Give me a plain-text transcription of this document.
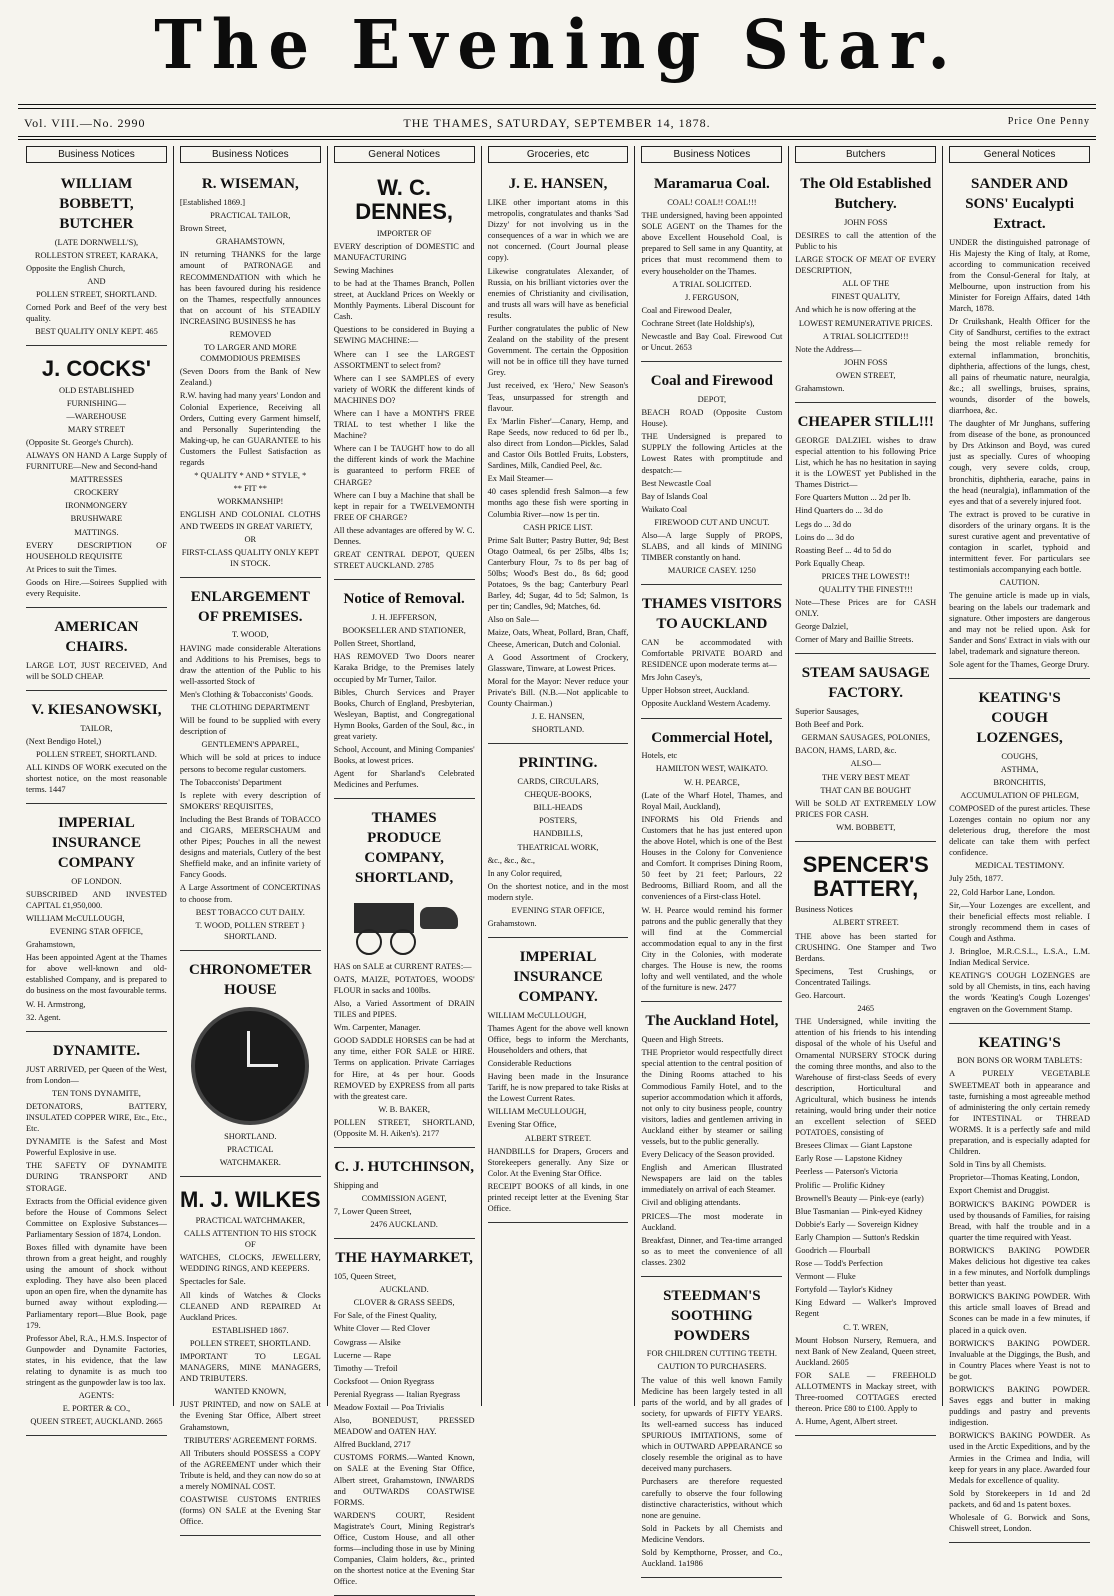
The Evening Star.
Vol. VIII.—No. 2990	THE THAMES, SATURDAY, SEPTEMBER 14, 1878.	Price One Penny
Business Notices
WILLIAM BOBBETT, BUTCHER

(LATE DORNWELL'S),

ROLLESTON STREET, KARAKA,

Opposite the English Church,

AND

POLLEN STREET, SHORTLAND.

Corned Pork and Beef of the very best quality.

BEST QUALITY ONLY KEPT. 465

J. COCKS'

OLD ESTABLISHED

FURNISHING—

—WAREHOUSE

MARY STREET

(Opposite St. George's Church).

ALWAYS ON HAND A Large Supply of FURNITURE—New and Second-hand

MATTRESSES

CROCKERY

IRONMONGERY

BRUSHWARE

MATTINGS.

EVERY DESCRIPTION OF HOUSEHOLD REQUISITE

At Prices to suit the Times.

Goods on Hire.—Soirees Supplied with every Requisite.

AMERICAN CHAIRS.

LARGE LOT, JUST RECEIVED, And will be SOLD CHEAP.

V. KIESANOWSKI,

TAILOR,

(Next Bendigo Hotel,)

POLLEN STREET, SHORTLAND.

ALL KINDS OF WORK executed on the shortest notice, on the most reasonable terms. 1447

IMPERIAL INSURANCE COMPANY

OF LONDON.

SUBSCRIBED AND INVESTED CAPITAL £1,950,000.

WILLIAM McCULLOUGH,

EVENING STAR OFFICE,

Grahamstown,

Has been appointed Agent at the Thames for above well-known and old-established Company, and is prepared to do business on the most favourable terms.

W. H. Armstrong,

32. Agent.

DYNAMITE.

JUST ARRIVED, per Queen of the West, from London—

TEN TONS DYNAMITE,

DETONATORS, BATTERY, INSULATED COPPER WIRE, Etc., Etc., Etc.

DYNAMITE is the Safest and Most Powerful Explosive in use.

THE SAFETY OF DYNAMITE DURING TRANSPORT AND STORAGE.

Extracts from the Official evidence given before the House of Commons Select Committee on Explosive Substances—Parliamentary Session of 1874, London.

Boxes filled with dynamite have been thrown from a great height, and roughly using the amount of shock without exploding. They have also been placed upon an open fire, when the dynamite has burned away without exploding.—Parliamentary report—Blue Book, page 179.

Professor Abel, R.A., H.M.S. Inspector of Gunpowder and Dynamite Factories, states, in his evidence, that the law relating to dynamite is as much too stringent as the gunpowder law is too lax.

AGENTS:

E. PORTER & CO.,

QUEEN STREET, AUCKLAND. 2665

Business Notices
R. WISEMAN,

[Established 1869.]

PRACTICAL TAILOR,

Brown Street,

GRAHAMSTOWN,

IN returning THANKS for the large amount of PATRONAGE and RECOMMENDATION with which he has been favoured during his residence on the Thames, respectfully announces that on account of his STEADILY INCREASING BUSINESS he has

REMOVED

TO LARGER AND MORE COMMODIOUS PREMISES

(Seven Doors from the Bank of New Zealand.)

R.W. having had many years' London and Colonial Experience, Receiving all Orders, Cutting every Garment himself, and Personally Superintending the Making-up, he can GUARANTEE to his Customers the Fullest Satisfaction as regards

* QUALITY * AND * STYLE, *

** FIT **

WORKMANSHIP!

ENGLISH AND COLONIAL CLOTHS AND TWEEDS IN GREAT VARIETY,

OR

FIRST-CLASS QUALITY ONLY KEPT IN STOCK.

ENLARGEMENT OF PREMISES.

T. WOOD,

HAVING made considerable Alterations and Additions to his Premises, begs to draw the attention of the Public to his well-assorted Stock of

Men's Clothing & Tobacconists' Goods.

THE CLOTHING DEPARTMENT

Will be found to be supplied with every description of

GENTLEMEN'S APPAREL,

Which will be sold at prices to induce persons to become regular customers.

The Tobacconists' Department

Is replete with every description of SMOKERS' REQUISITES,

Including the Best Brands of TOBACCO and CIGARS, MEERSCHAUM and other Pipes; Pouches in all the newest designs and materials, Cutlery of the best Sheffield make, and an infinite variety of Fancy Goods.

A Large Assortment of CONCERTINAS to choose from.

BEST TOBACCO CUT DAILY.

T. WOOD, POLLEN STREET } SHORTLAND.

CHRONOMETER HOUSE

SHORTLAND.

PRACTICAL

WATCHMAKER.

M. J. WILKES

PRACTICAL WATCHMAKER,

CALLS ATTENTION TO HIS STOCK OF

WATCHES, CLOCKS, JEWELLERY, WEDDING RINGS, AND KEEPERS.

Spectacles for Sale.

All kinds of Watches & Clocks CLEANED AND REPAIRED At Auckland Prices.

ESTABLISHED 1867.

POLLEN STREET, SHORTLAND.

IMPORTANT TO LEGAL MANAGERS, MINE MANAGERS, AND TRIBUTERS.

WANTED KNOWN,

JUST PRINTED, and now on SALE at the Evening Star Office, Albert street Grahamstown,

TRIBUTERS' AGREEMENT FORMS.

All Tributers should POSSESS a COPY of the AGREEMENT under which their Tribute is held, and they can now do so at a merely NOMINAL COST.

COASTWISE CUSTOMS ENTRIES (forms) ON SALE at the Evening Star Office.

General Notices
W. C. DENNES,

IMPORTER OF

EVERY description of DOMESTIC and MANUFACTURING

Sewing Machines

to be had at the Thames Branch, Pollen street, at Auckland Prices on Weekly or Monthly Payments. Liberal Discount for Cash.

Questions to be considered in Buying a SEWING MACHINE:—

Where can I see the LARGEST ASSORTMENT to select from?

Where can I see SAMPLES of every variety of WORK the different kinds of MACHINES DO?

Where can I have a MONTH'S FREE TRIAL to test whether I like the Machine?

Where can I be TAUGHT how to do all the different kinds of work the Machine is guaranteed to perform FREE of CHARGE?

Where can I buy a Machine that shall be kept in repair for a TWELVEMONTH FREE OF CHARGE?

All these advantages are offered by W. C. Dennes.

GREAT CENTRAL DEPOT, QUEEN STREET AUCKLAND. 2785

Notice of Removal.

J. H. JEFFERSON,

BOOKSELLER AND STATIONER,

Pollen Street, Shortland,

HAS REMOVED Two Doors nearer Karaka Bridge, to the Premises lately occupied by Mr Turner, Tailor.

Bibles, Church Services and Prayer Books, Church of England, Presbyterian, Wesleyan, Baptist, and Congregational Hymn Books, Garden of the Soul, &c., in great variety.

School, Account, and Mining Companies' Books, at lowest prices.

Agent for Sharland's Celebrated Medicines and Perfumes.

THAMES PRODUCE COMPANY, SHORTLAND,

HAS on SALE at CURRENT RATES:—

OATS, MAIZE, POTATOES, WOODS' FLOUR in sacks and 100lbs.

Also, a Varied Assortment of DRAIN TILES and PIPES.

Wm. Carpenter, Manager.

GOOD SADDLE HORSES can be had at any time, either FOR SALE or HIRE. Terms on application. Private Carriages for Hire, at 4s per hour. Goods REMOVED by EXPRESS from all parts with the greatest care.

W. B. BAKER,

POLLEN STREET, SHORTLAND, (Opposite M. H. Aiken's). 2177

C. J. HUTCHINSON,

Shipping and

COMMISSION AGENT,

7, Lower Queen Street,

2476 AUCKLAND.

THE HAYMARKET,

105, Queen Street,

AUCKLAND.

CLOVER & GRASS SEEDS,

For Sale, of the Finest Quality,

White Clover — Red Clover

Cowgrass — Alsike

Lucerne — Rape

Timothy — Trefoil

Cocksfoot — Onion Ryegrass

Perenial Ryegrass — Italian Ryegrass

Meadow Foxtail — Poa Trivialis

Also, BONEDUST, PRESSED MEADOW and OATEN HAY.

Alfred Buckland, 2717

CUSTOMS FORMS.—Wanted Known, on SALE at the Evening Star Office, Albert street, Grahamstown, INWARDS and OUTWARDS COASTWISE FORMS.

WARDEN'S COURT, Resident Magistrate's Court, Mining Registrar's Office, Custom House, and all other forms—including those in use by Mining Companies, Claim holders, &c., printed on the shortest notice at the Evening Star Office.

Groceries, etc
J. E. HANSEN,

LIKE other important atoms in this metropolis, congratulates and thanks 'Sad Dizzy' for not involving us in the consequences of a war in which we are not concerned. (Court Journal please copy).

Likewise congratulates Alexander, of Russia, on his brilliant victories over the enemies of Christianity and civilisation, and trusts all wars will have as beneficial results.

Further congratulates the public of New Zealand on the stability of the present Government. The certain the Opposition will not be in office till they have turned Grey.

Just received, ex 'Hero,' New Season's Teas, unsurpassed for strength and flavour.

Ex 'Marlin Fisher'—Canary, Hemp, and Rape Seeds, now reduced to 6d per lb., also direct from London—Pickles, Salad and Castor Oils Bottled Fruits, Lobsters, Sardines, Milk, Candied Peel, &c.

Ex Mail Steamer—

40 cases splendid fresh Salmon—a few months ago these fish were sporting in Columbia River—now 1s per tin.

CASH PRICE LIST.

Prime Salt Butter; Pastry Butter, 9d; Best Otago Oatmeal, 6s per 25lbs, 4lbs 1s; Canterbury Flour, 7s to 8s per bag of 50lbs; Wood's Best do., 8s 6d; good Potatoes, 9s the bag; Canterbury Pearl Barley, 4d; Sugar, 4d to 5d; Salmon, 1s per tin; Candles, 9d; Matches, 6d.

Also on Sale—

Maize, Oats, Wheat, Pollard, Bran, Chaff, Cheese, American, Dutch and Colonial.

A Good Assortment of Crockery, Glassware, Tinware, at Lowest Prices.

Moral for the Mayor: Never reduce your Private's Bill. (N.B.—Not applicable to County Chairman.)

J. E. HANSEN,

SHORTLAND.

PRINTING.

CARDS, CIRCULARS,

CHEQUE-BOOKS,

BILL-HEADS

POSTERS,

HANDBILLS,

THEATRICAL WORK,

&c., &c., &c.,

In any Color required,

On the shortest notice, and in the most modern style.

EVENING STAR OFFICE,

Grahamstown.

IMPERIAL INSURANCE COMPANY.

WILLIAM McCULLOUGH,

Thames Agent for the above well known Office, begs to inform the Merchants, Householders and others, that

Considerable Reductions

Having been made in the Insurance Tariff, he is now prepared to take Risks at the Lowest Current Rates.

WILLIAM McCULLOUGH,

Evening Star Office,

ALBERT STREET.

HANDBILLS for Drapers, Grocers and Storekeepers generally. Any Size or Color. At the Evening Star Office.

RECEIPT BOOKS of all kinds, in one printed receipt letter at the Evening Star Office.

Business Notices
Maramarua Coal.

COAL! COAL!! COAL!!!

THE undersigned, having been appointed SOLE AGENT on the Thames for the above Excellent Household Coal, is prepared to Sell same in any Quantity, at prices that must recommend them to every householder on the Thames.

A TRIAL SOLICITED.

J. FERGUSON,

Coal and Firewood Dealer,

Cochrane Street (late Holdship's),

Newcastle and Bay Coal. Firewood Cut or Uncut. 2653

Coal and Firewood

DEPOT,

BEACH ROAD (Opposite Custom House).

THE Undersigned is prepared to SUPPLY the following Articles at the Lowest Rates with promptitude and despatch:—

Best Newcastle Coal

Bay of Islands Coal

Waikato Coal

FIREWOOD CUT AND UNCUT.

Also—A large Supply of PROPS, SLABS, and all kinds of MINING TIMBER constantly on hand.

MAURICE CASEY. 1250

THAMES VISITORS TO AUCKLAND

CAN be accommodated with Comfortable PRIVATE BOARD and RESIDENCE upon moderate terms at—

Mrs John Casey's,

Upper Hobson street, Auckland.

Opposite Auckland Western Academy.

Commercial Hotel,

Hotels, etc

HAMILTON WEST, WAIKATO.

W. H. PEARCE,

(Late of the Wharf Hotel, Thames, and Royal Mail, Auckland),

INFORMS his Old Friends and Customers that he has just entered upon the above Hotel, which is one of the Best Houses in the Colony for Convenience and Comfort. It comprises Dining Room, 50 feet by 21 feet; Parlours, 22 Bedrooms, Billiard Room, and all the conveniences of a First-class Hotel.

W. H. Pearce would remind his former patrons and the public generally that they will find at the Commercial accommodation equal to any in the first City in the Colonies, with moderate charges. The House is new, the rooms lofty and well ventilated, and the whole of the furniture is new. 2477

The Auckland Hotel,

Queen and High Streets.

THE Proprietor would respectfully direct special attention to the central position of the Dining Rooms attached to his Commodious Family Hotel, and to the superior accommodation which it affords, not only to city business people, country visitors, ladies and gentlemen arriving in Auckland either by steamer or sailing vessels, but to the public generally.

Every Delicacy of the Season provided.

English and American Illustrated Newspapers are laid on the tables immediately on arrival of each Steamer.

Civil and obliging attendants.

PRICES—The most moderate in Auckland.

Breakfast, Dinner, and Tea-time arranged so as to meet the convenience of all classes. 2302

STEEDMAN'S SOOTHING POWDERS

FOR CHILDREN CUTTING TEETH.

CAUTION TO PURCHASERS.

The value of this well known Family Medicine has been largely tested in all parts of the world, and by all grades of society, for upwards of FIFTY YEARS. Its well-earned success has induced SPURIOUS IMITATIONS, some of which in OUTWARD APPEARANCE so closely resemble the original as to have deceived many purchasers.

Purchasers are therefore requested carefully to observe the four following distinctive characteristics, without which none are genuine.

Sold in Packets by all Chemists and Medicine Vendors.

Sold by Kempthorne, Prosser, and Co., Auckland. 1a1986

Butchers
The Old Established Butchery.

JOHN FOSS

DESIRES to call the attention of the Public to his

LARGE STOCK OF MEAT OF EVERY DESCRIPTION,

ALL OF THE

FINEST QUALITY,

And which he is now offering at the

LOWEST REMUNERATIVE PRICES.

A TRIAL SOLICITED!!!

Note the Address—

JOHN FOSS

OWEN STREET,

Grahamstown.

CHEAPER STILL!!!

GEORGE DALZIEL wishes to draw especial attention to his following Price List, which he has no hesitation in saying it is the LOWEST yet Published in the Thames District—

Fore Quarters Mutton ... 2d per lb.

Hind Quarters do ... 3d do

Legs do ... 3d do

Loins do ... 3d do

Roasting Beef ... 4d to 5d do

Pork Equally Cheap.

PRICES THE LOWEST!!

QUALITY THE FINEST!!!

Note—These Prices are for CASH ONLY.

George Dalziel,

Corner of Mary and Baillie Streets.

STEAM SAUSAGE FACTORY.

Superior Sausages,

Both Beef and Pork.

GERMAN SAUSAGES, POLONIES,

BACON, HAMS, LARD, &c.

ALSO—

THE VERY BEST MEAT

THAT CAN BE BOUGHT

Will be SOLD AT EXTREMELY LOW PRICES FOR CASH.

WM. BOBBETT,

SPENCER'S BATTERY,

Business Notices

ALBERT STREET.

THE above has been started for CRUSHING. One Stamper and Two Berdans.

Specimens, Test Crushings, or Concentrated Tailings.

Geo. Harcourt.

2465

THE Undersigned, while inviting the attention of his friends to his intending disposal of the whole of his Useful and Ornamental NURSERY STOCK during the coming three months, and also to the Warehouse of first-class Seeds of every description, Horticultural and Agricultural, which business he intends retaining, would bring under their notice an excellent selection of SEED POTATOES, consisting of

Bresees Climax — Giant Lapstone

Early Rose — Lapstone Kidney

Peerless — Paterson's Victoria

Prolific — Prolific Kidney

Brownell's Beauty — Pink-eye (early)

Blue Tasmanian — Pink-eyed Kidney

Dobbie's Early — Sovereign Kidney

Early Champion — Sutton's Redskin

Goodrich — Flourball

Rose — Todd's Perfection

Vermont — Fluke

Fortyfold — Taylor's Kidney

King Edward — Walker's Improved Regent

C. T. WREN,

Mount Hobson Nursery, Remuera, and next Bank of New Zealand, Queen street, Auckland. 2605

FOR SALE — FREEHOLD ALLOTMENTS in Mackay street, with Three-roomed COTTAGES erected thereon. Price £80 to £100. Apply to

A. Hume, Agent, Albert street.

General Notices
SANDER AND SONS' Eucalypti Extract.

UNDER the distinguished patronage of His Majesty the King of Italy, at Rome, according to communication received from the Consul-General for Italy, at Melbourne, upon instruction from his Minister for Foreign Affairs, dated 14th March, 1878.

Dr Cruikshank, Health Officer for the City of Sandhurst, certifies to the extract being the most reliable remedy for external inflammation, bronchitis, diphtheria, affections of the lungs, chest, all pains of rheumatic nature, neuralgia, &c.; all swellings, bruises, sprains, wounds, disorder of the bowels, diarrhoea, &c.

The daughter of Mr Junghans, suffering from disease of the bone, as pronounced by Drs Atkinson and Boyd, was cured just as specially. Cures of whooping cough, very severe colds, croup, bronchitis, diphtheria, earache, pains in the head (neuralgia), inflammation of the eyes and that of a severely injured foot.

The extract is proved to be curative in disorders of the urinary organs. It is the surest curative agent and preventative of contagion in scarlet, typhoid and intermittent fever. For particulars see testimonials accompanying each bottle.

CAUTION.

The genuine article is made up in vials, bearing on the labels our trademark and signature. Other imposters are dangerous and may not be relied upon. Ask for Sander and Sons' Extract in vials with our label, trademark and signature thereon.

Sole agent for the Thames, George Drury.

KEATING'S COUGH LOZENGES,

COUGHS,

ASTHMA,

BRONCHITIS,

ACCUMULATION OF PHLEGM,

COMPOSED of the purest articles. These Lozenges contain no opium nor any deleterious drug, therefore the most delicate can take them with perfect confidence.

MEDICAL TESTIMONY.

July 25th, 1877.

22, Cold Harbor Lane, London.

Sir,—Your Lozenges are excellent, and their beneficial effects most reliable. I strongly recommend them in cases of Cough and Asthma.

J. Bringloe, M.R.C.S.L., L.S.A., L.M. Indian Medical Service.

KEATING'S COUGH LOZENGES are sold by all Chemists, in tins, each having the words 'Keating's Cough Lozenges' engraven on the Government Stamp.

KEATING'S

BON BONS OR WORM TABLETS:

A PURELY VEGETABLE SWEETMEAT both in appearance and taste, furnishing a most agreeable method of administering the only certain remedy for INTESTINAL or THREAD WORMS. It is a perfectly safe and mild preparation, and is especially adapted for Children.

Sold in Tins by all Chemists.

Proprietor—Thomas Keating, London,

Export Chemist and Druggist.

BORWICK'S BAKING POWDER is used by thousands of Families, for raising Bread, with half the trouble and in a quarter the time required with Yeast.

BORWICK'S BAKING POWDER Makes delicious hot digestive tea cakes in a few minutes, and Norfolk dumplings better than yeast.

BORWICK'S BAKING POWDER. With this article small loaves of Bread and Scones can be made in a few minutes, if placed in a quick oven.

BORWICK'S BAKING POWDER. Invaluable at the Diggings, the Bush, and in Country Places where Yeast is not to be got.

BORWICK'S BAKING POWDER. Saves eggs and butter in making puddings and pastry and prevents indigestion.

BORWICK'S BAKING POWDER. As used in the Arctic Expeditions, and by the Armies in the Crimea and India, will keep for years in any place. Awarded four Medals for excellence of quality.

Sold by Storekeepers in 1d and 2d packets, and 6d and 1s patent boxes.

Wholesale of G. Borwick and Sons, Chiswell street, London.
